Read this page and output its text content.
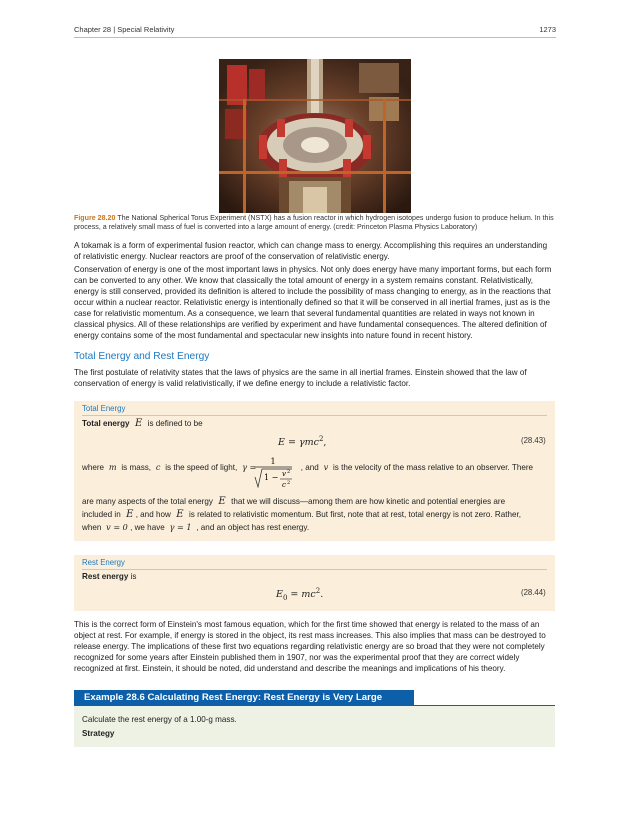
Chapter 28 | Special Relativity	1273
Figure 28.20 The National Spherical Torus Experiment (NSTX) has a fusion reactor in which hydrogen isotopes undergo fusion to produce helium. In this process, a relatively small mass of fuel is converted into a large amount of energy. (credit: Princeton Plasma Physics Laboratory)
A tokamak is a form of experimental fusion reactor, which can change mass to energy. Accomplishing this requires an understanding of relativistic energy. Nuclear reactors are proof of the conservation of relativistic energy.
Conservation of energy is one of the most important laws in physics. Not only does energy have many important forms, but each form can be converted to any other. We know that classically the total amount of energy in a system remains constant. Relativistically, energy is still conserved, provided its definition is altered to include the possibility of mass changing to energy, as in the reactions that occur within a nuclear reactor. Relativistic energy is intentionally defined so that it will be conserved in all inertial frames, just as is the case for relativistic momentum. As a consequence, we learn that several fundamental quantities are related in ways not known in classical physics. All of these relationships are verified by experiment and have fundamental consequences. The altered definition of energy contains some of the most fundamental and spectacular new insights into nature found in recent history.
Total Energy and Rest Energy
The first postulate of relativity states that the laws of physics are the same in all inertial frames. Einstein showed that the law of conservation of energy is valid relativistically, if we define energy to include a relativistic factor.
Total Energy
Total energy  E  is defined to be
E = γmc$^2$,	(28.43)
where  m  is mass,  c  is the speed of light,  γ =	, and  v  is the velocity of the mass relative to an observer. There
1
1 − v 2
c 2
are many aspects of the total energy  E  that we will discuss—among them are how kinetic and potential energies are
included in  E , and how  E  is related to relativistic momentum. But first, note that at rest, total energy is not zero. Rather,
when  v = 0 , we have  γ = 1  , and an object has rest energy.
Rest Energy
Rest energy is
$E_0 = mc^2$.	(28.44)
This is the correct form of Einstein's most famous equation, which for the first time showed that energy is related to the mass of an object at rest. For example, if energy is stored in the object, its rest mass increases. This also implies that mass can be destroyed to release energy. The implications of these first two equations regarding relativistic energy are so broad that they were not completely recognized for some years after Einstein published them in 1907, nor was the experimental proof that they are correct widely recognized at first. Einstein, it should be noted, did understand and describe the meanings and implications of his theory.
Example 28.6 Calculating Rest Energy: Rest Energy is Very Large
Calculate the rest energy of a 1.00-g mass.
Strategy
